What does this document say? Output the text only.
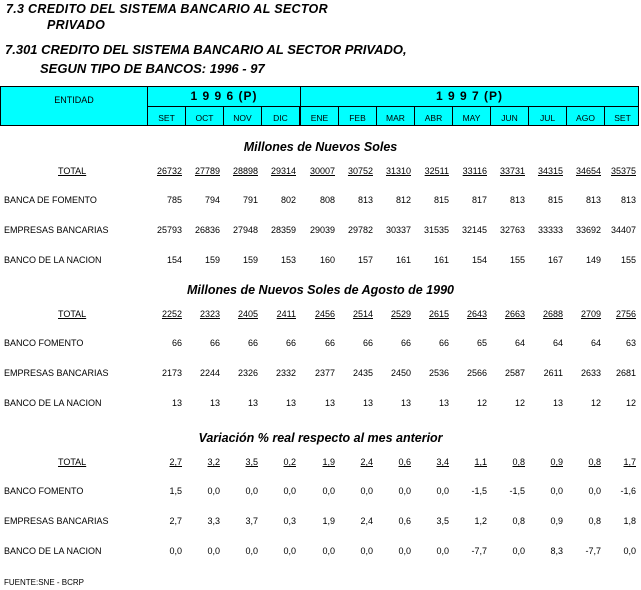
7.3 CREDITO DEL SISTEMA BANCARIO AL SECTOR
PRIVADO
7.301 CREDITO DEL SISTEMA BANCARIO AL SECTOR PRIVADO,
SEGUN TIPO DE BANCOS: 1996 - 97
ENTIDAD	1 9 9 6 (P)	1 9 9 7 (P)
SET	OCT	NOV	DIC	ENE	FEB	MAR	ABR	MAY	JUN	JUL	AGO	SET
Millones de Nuevos Soles
TOTAL	26732	27789	28898	29314	30007	30752	31310	32511	33116	33731	34315	34654	35375
BANCA DE FOMENTO	785	794	791	802	808	813	812	815	817	813	815	813	813
EMPRESAS BANCARIAS	25793	26836	27948	28359	29039	29782	30337	31535	32145	32763	33333	33692	34407
BANCO DE LA NACION	154	159	159	153	160	157	161	161	154	155	167	149	155
Millones de Nuevos Soles de Agosto de 1990
TOTAL	2252	2323	2405	2411	2456	2514	2529	2615	2643	2663	2688	2709	2756
BANCO FOMENTO	66	66	66	66	66	66	66	66	65	64	64	64	63
EMPRESAS BANCARIAS	2173	2244	2326	2332	2377	2435	2450	2536	2566	2587	2611	2633	2681
BANCO DE LA NACION	13	13	13	13	13	13	13	13	12	12	13	12	12
Variación % real respecto al mes anterior
TOTAL	2,7	3,2	3,5	0,2	1,9	2,4	0,6	3,4	1,1	0,8	0,9	0,8	1,7
BANCO FOMENTO	1,5	0,0	0,0	0,0	0,0	0,0	0,0	0,0	-1,5	-1,5	0,0	0,0	-1,6
EMPRESAS BANCARIAS	2,7	3,3	3,7	0,3	1,9	2,4	0,6	3,5	1,2	0,8	0,9	0,8	1,8
BANCO DE LA NACION	0,0	0,0	0,0	0,0	0,0	0,0	0,0	0,0	-7,7	0,0	8,3	-7,7	0,0
FUENTE:SNE - BCRP
